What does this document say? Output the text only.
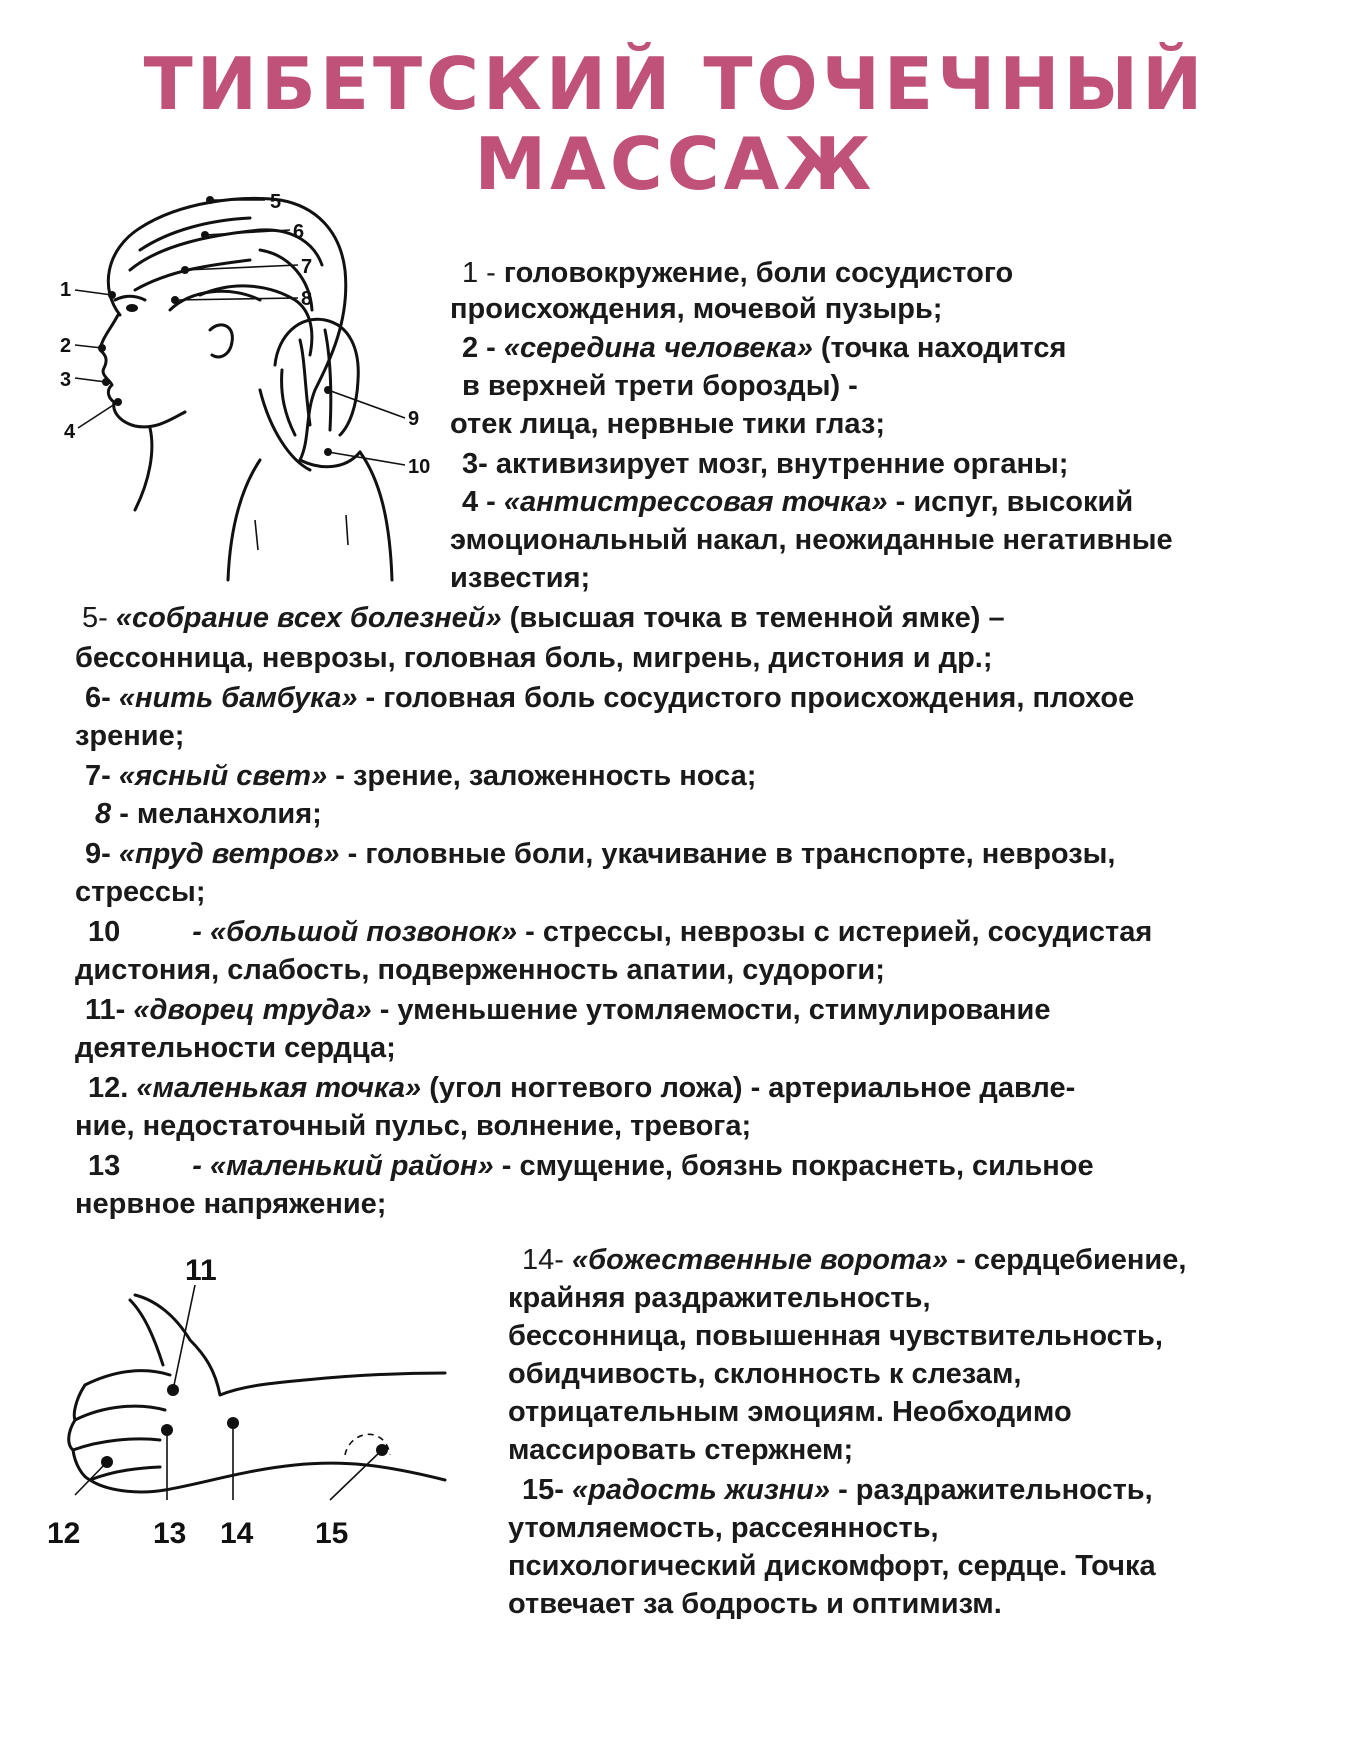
ТИБЕТСКИЙ ТОЧЕЧНЫЙ
МАССАЖ
1
2
3
4
5
6
7
8
9
10
11
12 13 14 15
1 - головокружение, боли сосудистого
происхождения, мочевой пузырь;
2 - «середина человека» (точка находится
в верхней трети борозды) -
отек лица, нервные тики глаз;
3- активизирует мозг, внутренние органы;
4 - «антистрессовая точка» - испуг, высокий
эмоциональный накал, неожиданные негативные
известия;
5- «собрание всех болезней» (высшая точка в теменной ямке) –
бессонница, неврозы, головная боль, мигрень, дистония и др.;
6- «нить бамбука» - головная боль сосудистого происхождения, плохое
зрение;
7- «ясный свет» - зрение, заложенность носа;
8 - меланхолия;
9- «пруд ветров» - головные боли, укачивание в транспорте, неврозы,
стрессы;
10 - «большой позвонок» - стрессы, неврозы с истерией, сосудистая
дистония, слабость, подверженность апатии, судороги;
11- «дворец труда» - уменьшение утомляемости, стимулирование
деятельности сердца;
12. «маленькая точка» (угол ногтевого ложа) - артериальное давле-
ние, недостаточный пульс, волнение, тревога;
13 - «маленький район» - смущение, боязнь покраснеть, сильное
нервное напряжение;
14- «божественные ворота» - сердцебиение,
крайняя раздражительность,
бессонница, повышенная чувствительность,
обидчивость, склонность к слезам,
отрицательным эмоциям. Необходимо
массировать стержнем;
15- «радость жизни» - раздражительность,
утомляемость, рассеянность,
психологический дискомфорт, сердце. Точка
отвечает за бодрость и оптимизм.
